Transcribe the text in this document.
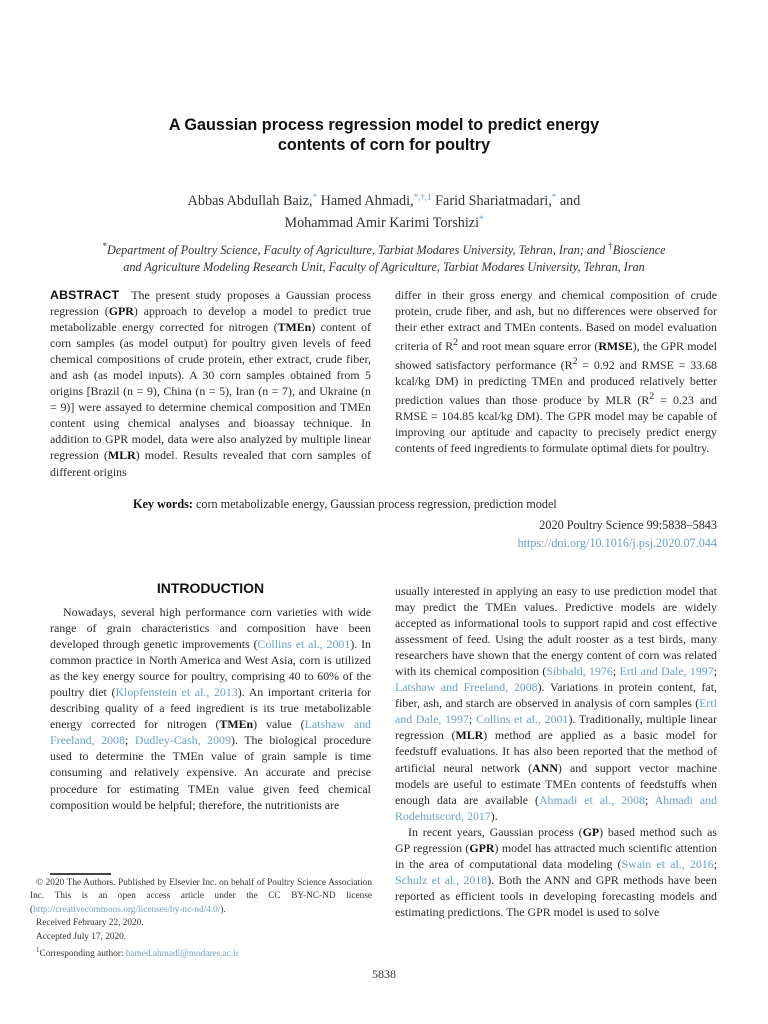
A Gaussian process regression model to predict energy
contents of corn for poultry
Abbas Abdullah Baiz,* Hamed Ahmadi,$^{*,\dagger,1}$ Farid Shariatmadari,* and
Mohammad Amir Karimi Torshizi*
*Department of Poultry Science, Faculty of Agriculture, Tarbiat Modares University, Tehran, Iran; and †Bioscience
and Agriculture Modeling Research Unit, Faculty of Agriculture, Tarbiat Modares University, Tehran, Iran
ABSTRACT The present study proposes a Gaussian process regression (GPR) approach to develop a model to predict true metabolizable energy corrected for nitrogen (TMEn) content of corn samples (as model output) for poultry given levels of feed chemical compositions of crude protein, ether extract, crude fiber, and ash (as model inputs). A 30 corn samples obtained from 5 origins [Brazil (n = 9), China (n = 5), Iran (n = 7), and Ukraine (n = 9)] were assayed to determine chemical composition and TMEn content using chemical analyses and bioassay technique. In addition to GPR model, data were also analyzed by multiple linear regression (MLR) model. Results revealed that corn samples of different origins
differ in their gross energy and chemical composition of crude protein, crude fiber, and ash, but no differences were observed for their ether extract and TMEn contents. Based on model evaluation criteria of $R^2$ and root mean square error (RMSE), the GPR model showed satisfactory performance ($R^2 = 0.92$ and RMSE = 33.68 kcal/kg DM) in predicting TMEn and produced relatively better prediction values than those produce by MLR ($R^2 = 0.23$ and RMSE = 104.85 kcal/kg DM). The GPR model may be capable of improving our aptitude and capacity to precisely predict energy contents of feed ingredients to formulate optimal diets for poultry.
Key words: corn metabolizable energy, Gaussian process regression, prediction model
2020 Poultry Science 99:5838–5843
https://doi.org/10.1016/j.psj.2020.07.044
INTRODUCTION
Nowadays, several high performance corn varieties with wide range of grain characteristics and composition have been developed through genetic improvements (Collins et al., 2001). In common practice in North America and West Asia, corn is utilized as the key energy source for poultry, comprising 40 to 60% of the poultry diet (Klopfenstein et al., 2013). An important criteria for describing quality of a feed ingredient is its true metabolizable energy corrected for nitrogen (TMEn) value (Latshaw and Freeland, 2008; Dudley-Cash, 2009). The biological procedure used to determine the TMEn value of grain sample is time consuming and relatively expensive. An accurate and precise procedure for estimating TMEn value given feed chemical composition would be helpful; therefore, the nutritionists are
usually interested in applying an easy to use prediction model that may predict the TMEn values. Predictive models are widely accepted as informational tools to support rapid and cost effective assessment of feed. Using the adult rooster as a test birds, many researchers have shown that the energy content of corn was related with its chemical composition (Sibbald, 1976; Ertl and Dale, 1997; Latshaw and Freeland, 2008). Variations in protein content, fat, fiber, ash, and starch are observed in analysis of corn samples (Ertl and Dale, 1997; Collins et al., 2001). Traditionally, multiple linear regression (MLR) method are applied as a basic model for feedstuff evaluations. It has also been reported that the method of artificial neural network (ANN) and support vector machine models are useful to estimate TMEn contents of feedstuffs when enough data are available (Ahmadi et al., 2008; Ahmadi and Rodehutscord, 2017).
In recent years, Gaussian process (GP) based method such as GP regression (GPR) model has attracted much scientific attention in the area of computational data modeling (Swain et al., 2016; Schulz et al., 2018). Both the ANN and GPR methods have been reported as efficient tools in developing forecasting models and estimating predictions. The GPR model is used to solve
© 2020 The Authors. Published by Elsevier Inc. on behalf of Poultry Science Association Inc. This is an open access article under the CC BY-NC-ND license (http://creativecommons.org/licenses/by-nc-nd/4.0/).
Received February 22, 2020.
Accepted July 17, 2020.
$^1$Corresponding author: hamed.ahmadi@modares.ac.ir
5838
